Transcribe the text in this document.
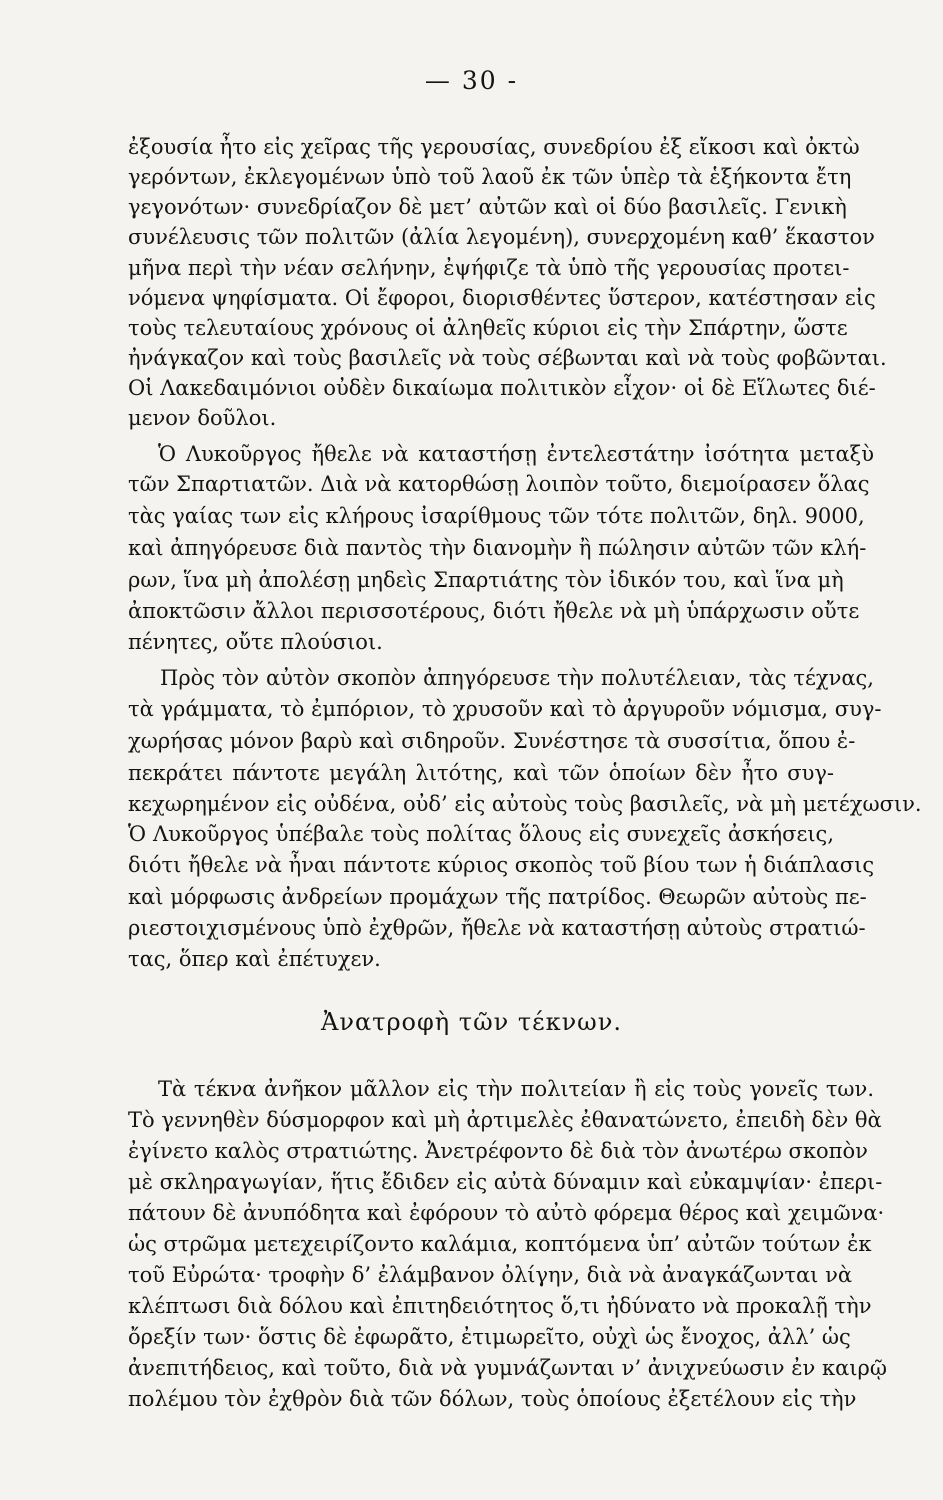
— 30 -
ἐξουσία ἦτο εἰς χεῖρας τῆς γερουσίας, συνεδρίου ἐξ εἴκοσι καὶ ὀκτὼ
γερόντων, ἐκλεγομένων ὑπὸ τοῦ λαοῦ ἐκ τῶν ὑπὲρ τὰ ἑξήκοντα ἔτη
γεγονότων· συνεδρίαζον δὲ μετ’ αὐτῶν καὶ οἱ δύο βασιλεῖς. Γενικὴ
συνέλευσις τῶν πολιτῶν (ἀλία λεγομένη), συνερχομένη καθ’ ἕκαστον
μῆνα περὶ τὴν νέαν σελήνην, ἐψήφιζε τὰ ὑπὸ τῆς γερουσίας προτει-
νόμενα ψηφίσματα. Οἱ ἔφοροι, διορισθέντες ὕστερον, κατέστησαν εἰς
τοὺς τελευταίους χρόνους οἱ ἀληθεῖς κύριοι εἰς τὴν Σπάρτην, ὥστε
ἠνάγκαζον καὶ τοὺς βασιλεῖς νὰ τοὺς σέβωνται καὶ νὰ τοὺς φοβῶνται.
Οἱ Λακεδαιμόνιοι οὐδὲν δικαίωμα πολιτικὸν εἶχον· οἱ δὲ Εἵλωτες διέ-
μενον δοῦλοι.
Ὁ Λυκοῦργος ἤθελε νὰ καταστήσῃ ἐντελεστάτην ἰσότητα μεταξὺ
τῶν Σπαρτιατῶν. Διὰ νὰ κατορθώσῃ λοιπὸν τοῦτο, διεμοίρασεν ὅλας
τὰς γαίας των εἰς κλήρους ἰσαρίθμους τῶν τότε πολιτῶν, δηλ. 9000,
καὶ ἀπηγόρευσε διὰ παντὸς τὴν διανομὴν ἢ πώλησιν αὐτῶν τῶν κλή-
ρων, ἵνα μὴ ἀπολέσῃ μηδεὶς Σπαρτιάτης τὸν ἰδικόν του, καὶ ἵνα μὴ
ἀποκτῶσιν ἄλλοι περισσοτέρους, διότι ἤθελε νὰ μὴ ὑπάρχωσιν οὔτε
πένητες, οὔτε πλούσιοι.
Πρὸς τὸν αὐτὸν σκοπὸν ἀπηγόρευσε τὴν πολυτέλειαν, τὰς τέχνας,
τὰ γράμματα, τὸ ἐμπόριον, τὸ χρυσοῦν καὶ τὸ ἀργυροῦν νόμισμα, συγ-
χωρήσας μόνον βαρὺ καὶ σιδηροῦν. Συνέστησε τὰ συσσίτια, ὅπου ἐ-
πεκράτει πάντοτε μεγάλη λιτότης, καὶ τῶν ὁποίων δὲν ἦτο συγ-
κεχωρημένον εἰς οὐδένα, οὐδ’ εἰς αὐτοὺς τοὺς βασιλεῖς, νὰ μὴ μετέχωσιν.
Ὁ Λυκοῦργος ὑπέβαλε τοὺς πολίτας ὅλους εἰς συνεχεῖς ἀσκήσεις,
διότι ἤθελε νὰ ἦναι πάντοτε κύριος σκοπὸς τοῦ βίου των ἡ διάπλασις
καὶ μόρφωσις ἀνδρείων προμάχων τῆς πατρίδος. Θεωρῶν αὐτοὺς πε-
ριεστοιχισμένους ὑπὸ ἐχθρῶν, ἤθελε νὰ καταστήσῃ αὐτοὺς στρατιώ-
τας, ὅπερ καὶ ἐπέτυχεν.
Ἀνατροφὴ τῶν τέκνων.
Τὰ τέκνα ἀνῆκον μᾶλλον εἰς τὴν πολιτείαν ἢ εἰς τοὺς γονεῖς των.
Τὸ γεννηθὲν δύσμορφον καὶ μὴ ἀρτιμελὲς ἐθανατώνετο, ἐπειδὴ δὲν θὰ
ἐγίνετο καλὸς στρατιώτης. Ἀνετρέφοντο δὲ διὰ τὸν ἀνωτέρω σκοπὸν
μὲ σκληραγωγίαν, ἥτις ἔδιδεν εἰς αὐτὰ δύναμιν καὶ εὐκαμψίαν· ἐπερι-
πάτουν δὲ ἀνυπόδητα καὶ ἐφόρουν τὸ αὐτὸ φόρεμα θέρος καὶ χειμῶνα·
ὡς στρῶμα μετεχειρίζοντο καλάμια, κοπτόμενα ὑπ’ αὐτῶν τούτων ἐκ
τοῦ Εὐρώτα· τροφὴν δ’ ἐλάμβανον ὀλίγην, διὰ νὰ ἀναγκάζωνται νὰ
κλέπτωσι διὰ δόλου καὶ ἐπιτηδειότητος ὅ,τι ἠδύνατο νὰ προκαλῇ τὴν
ὄρεξίν των· ὅστις δὲ ἐφωρᾶτο, ἐτιμωρεῖτο, οὐχὶ ὡς ἔνοχος, ἀλλ’ ὡς
ἀνεπιτήδειος, καὶ τοῦτο, διὰ νὰ γυμνάζωνται ν’ ἀνιχνεύωσιν ἐν καιρῷ
πολέμου τὸν ἐχθρὸν διὰ τῶν δόλων, τοὺς ὁποίους ἐξετέλουν εἰς τὴν
